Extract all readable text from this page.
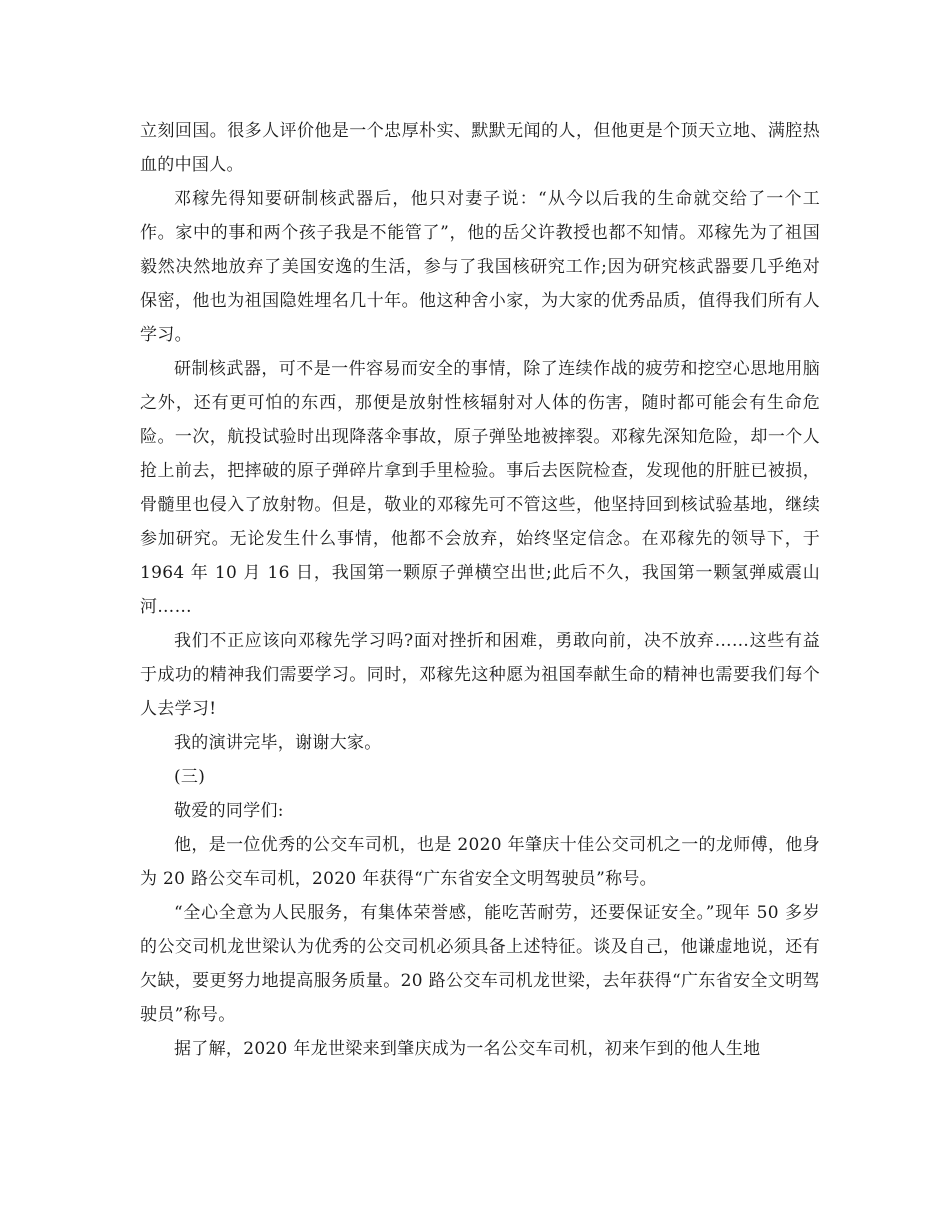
立刻回国。很多人评价他是一个忠厚朴实、默默无闻的人，但他更是个顶天立地、满腔热血的中国人。

邓稼先得知要研制核武器后，他只对妻子说：“从今以后我的生命就交给了一个工作。家中的事和两个孩子我是不能管了”，他的岳父许教授也都不知情。邓稼先为了祖国毅然决然地放弃了美国安逸的生活，参与了我国核研究工作;因为研究核武器要几乎绝对保密，他也为祖国隐姓埋名几十年。他这种舍小家，为大家的优秀品质，值得我们所有人学习。

研制核武器，可不是一件容易而安全的事情，除了连续作战的疲劳和挖空心思地用脑之外，还有更可怕的东西，那便是放射性核辐射对人体的伤害，随时都可能会有生命危险。一次，航投试验时出现降落伞事故，原子弹坠地被摔裂。邓稼先深知危险，却一个人抢上前去，把摔破的原子弹碎片拿到手里检验。事后去医院检查，发现他的肝脏已被损，骨髓里也侵入了放射物。但是，敬业的邓稼先可不管这些，他坚持回到核试验基地，继续参加研究。无论发生什么事情，他都不会放弃，始终坚定信念。在邓稼先的领导下，于 1964 年 10 月 16 日，我国第一颗原子弹横空出世;此后不久，我国第一颗氢弹威震山河……

我们不正应该向邓稼先学习吗?面对挫折和困难，勇敢向前，决不放弃……这些有益于成功的精神我们需要学习。同时，邓稼先这种愿为祖国奉献生命的精神也需要我们每个人去学习!

我的演讲完毕，谢谢大家。

(三)

敬爱的同学们:

他，是一位优秀的公交车司机，也是 2020 年肇庆十佳公交司机之一的龙师傅，他身为 20 路公交车司机，2020 年获得“广东省安全文明驾驶员”称号。

“全心全意为人民服务，有集体荣誉感，能吃苦耐劳，还要保证安全。”现年 50 多岁的公交司机龙世梁认为优秀的公交司机必须具备上述特征。谈及自己，他谦虚地说，还有欠缺，要更努力地提高服务质量。20 路公交车司机龙世梁，去年获得“广东省安全文明驾驶员”称号。

据了解，2020 年龙世梁来到肇庆成为一名公交车司机，初来乍到的他人生地
